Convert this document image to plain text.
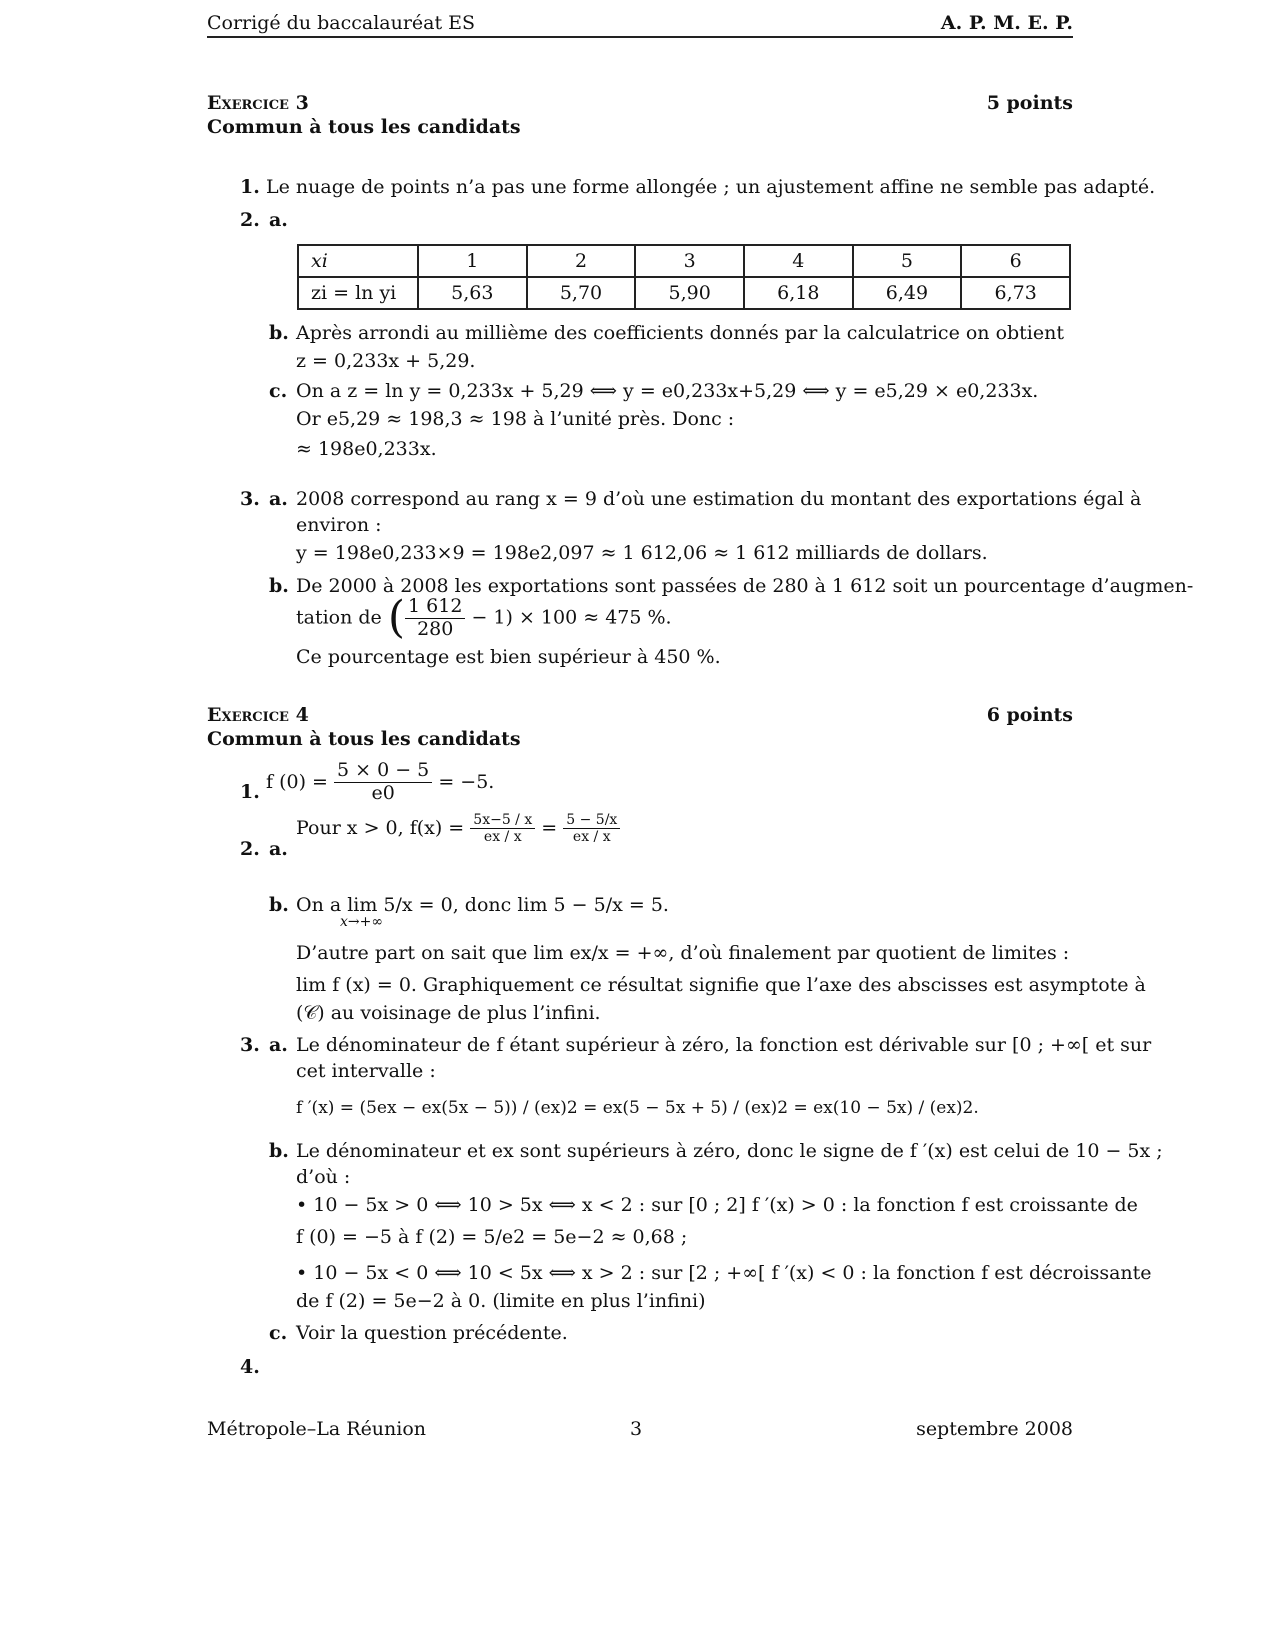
Corrigé du baccalauréat ES	A. P. M. E. P.
Exercice 3	5 points
Commun à tous les candidats
1. Le nuage de points n’a pas une forme allongée ; un ajustement affine ne semble pas adapté.
2. a.
xi	1	2	3	4	5	6
zi = ln yi	5,63	5,70	5,90	6,18	6,49	6,73
b. Après arrondi au millième des coefficients donnés par la calculatrice on obtient
z = 0,233x + 5,29.
c. On a z = ln y = 0,233x + 5,29 ⟺ y = e0,233x+5,29 ⟺ y = e5,29 × e0,233x.
Or e5,29 ≈ 198,3 ≈ 198 à l’unité près. Donc :
≈ 198e0,233x.
3. a. 2008 correspond au rang x = 9 d’où une estimation du montant des exportations égal à
environ :
y = 198e0,233×9 = 198e2,097 ≈ 1 612,06 ≈ 1 612 milliards de dollars.
b. De 2000 à 2008 les exportations sont passées de 280 à 1 612 soit un pourcentage d’augmen-
tation de ( $\frac{1 612}{280} - 1) \times 100 \approx 475$ %.
Ce pourcentage est bien supérieur à 450 %.
Exercice 4	6 points
Commun à tous les candidats
1. f $(0) = \frac{5 \times 0 - 5}{e0} = -5$.
2. a.
Pour x > 0, $f(x) = \frac{5x-5 / x}{ex / x} = \frac{5 - 5/x}{ex / x}$
b. On a lim 5/x = 0, donc lim 5 − 5/x = 5.
x→+∞
D’autre part on sait que lim ex/x = +∞, d’où finalement par quotient de limites :
lim f (x) = 0. Graphiquement ce résultat signifie que l’axe des abscisses est asymptote à
(𝒞) au voisinage de plus l’infini.
3. a. Le dénominateur de f étant supérieur à zéro, la fonction est dérivable sur [0 ; +∞[ et sur
cet intervalle :
f ′(x) = (5ex − ex(5x − 5)) / (ex)2 = ex(5 − 5x + 5) / (ex)2 = ex(10 − 5x) / (ex)2.
b. Le dénominateur et ex sont supérieurs à zéro, donc le signe de f ′(x) est celui de 10 − 5x ;
d’où :
• 10 − 5x > 0 ⟺ 10 > 5x ⟺ x < 2 : sur [0 ; 2] f ′(x) > 0 : la fonction f est croissante de
f (0) = −5 à f (2) = 5/e2 = 5e−2 ≈ 0,68 ;
• 10 − 5x < 0 ⟺ 10 < 5x ⟺ x > 2 : sur [2 ; +∞[ f ′(x) < 0 : la fonction f est décroissante
de f (2) = 5e−2 à 0. (limite en plus l’infini)
c. Voir la question précédente.
4.
Métropole–La Réunion	3	septembre 2008
